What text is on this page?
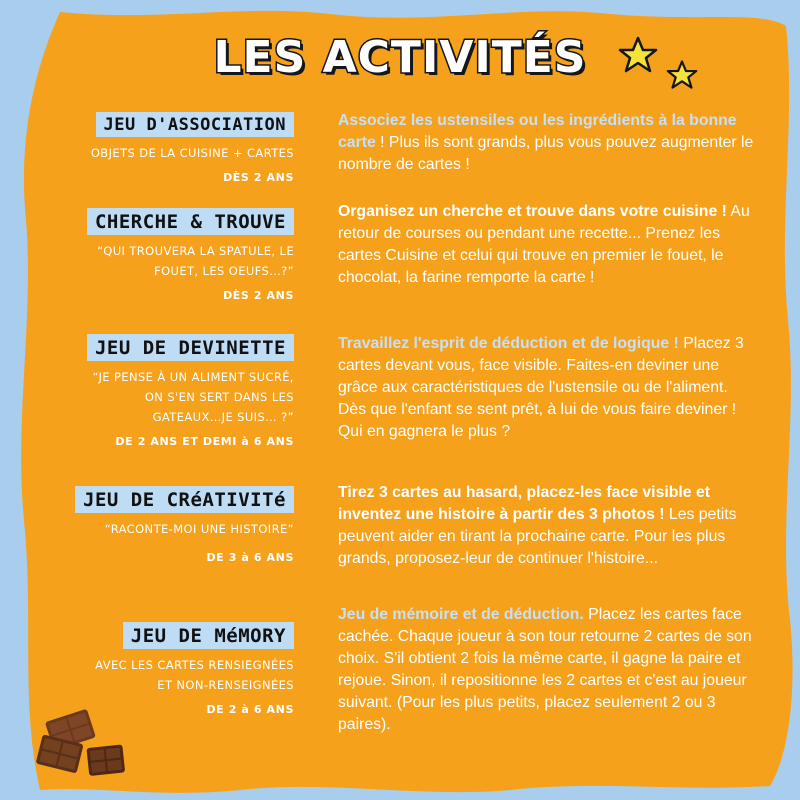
LES ACTIVITÉS
JEU D'ASSOCIATION
OBJETS DE LA CUISINE + CARTES
DÈS 2 ANS
Associez les ustensiles ou les ingrédients à la bonne carte ! Plus ils sont grands, plus vous pouvez augmenter le nombre de cartes !
CHERCHE & TROUVE
“QUI TROUVERA LA SPATULE, LE
FOUET, LES OEUFS…?”
DÈS 2 ANS
Organisez un cherche et trouve dans votre cuisine ! Au retour de courses ou pendant une recette... Prenez les cartes Cuisine et celui qui trouve en premier le fouet, le chocolat, la farine remporte la carte !
JEU DE DEVINETTE
“JE PENSE À UN ALIMENT SUCRÉ,
ON S'EN SERT DANS LES
GATEAUX…JE SUIS… ?”
DE 2 ANS ET DEMI à 6 ANS
Travaillez l'esprit de déduction et de logique ! Placez 3 cartes devant vous, face visible. Faites-en deviner une grâce aux caractéristiques de l'ustensile ou de l'aliment. Dès que l'enfant se sent prêt, à lui de vous faire deviner ! Qui en gagnera le plus ?
JEU DE CRéATIVITé
“RACONTE-MOI UNE HISTOIRE”
DE 3 à 6 ANS
Tirez 3 cartes au hasard, placez-les face visible et inventez une histoire à partir des 3 photos ! Les petits peuvent aider en tirant la prochaine carte. Pour les plus grands, proposez-leur de continuer l'histoire...
JEU DE MéMORY
AVEC LES CARTES RENSIEGNÉES
ET NON-RENSEIGNÉES
DE 2 à 6 ANS
Jeu de mémoire et de déduction. Placez les cartes face cachée. Chaque joueur à son tour retourne 2 cartes de son choix. S'il obtient 2 fois la même carte, il gagne la paire et rejoue. Sinon, il repositionne les 2 cartes et c'est au joueur suivant. (Pour les plus petits, placez seulement 2 ou 3 paires).
